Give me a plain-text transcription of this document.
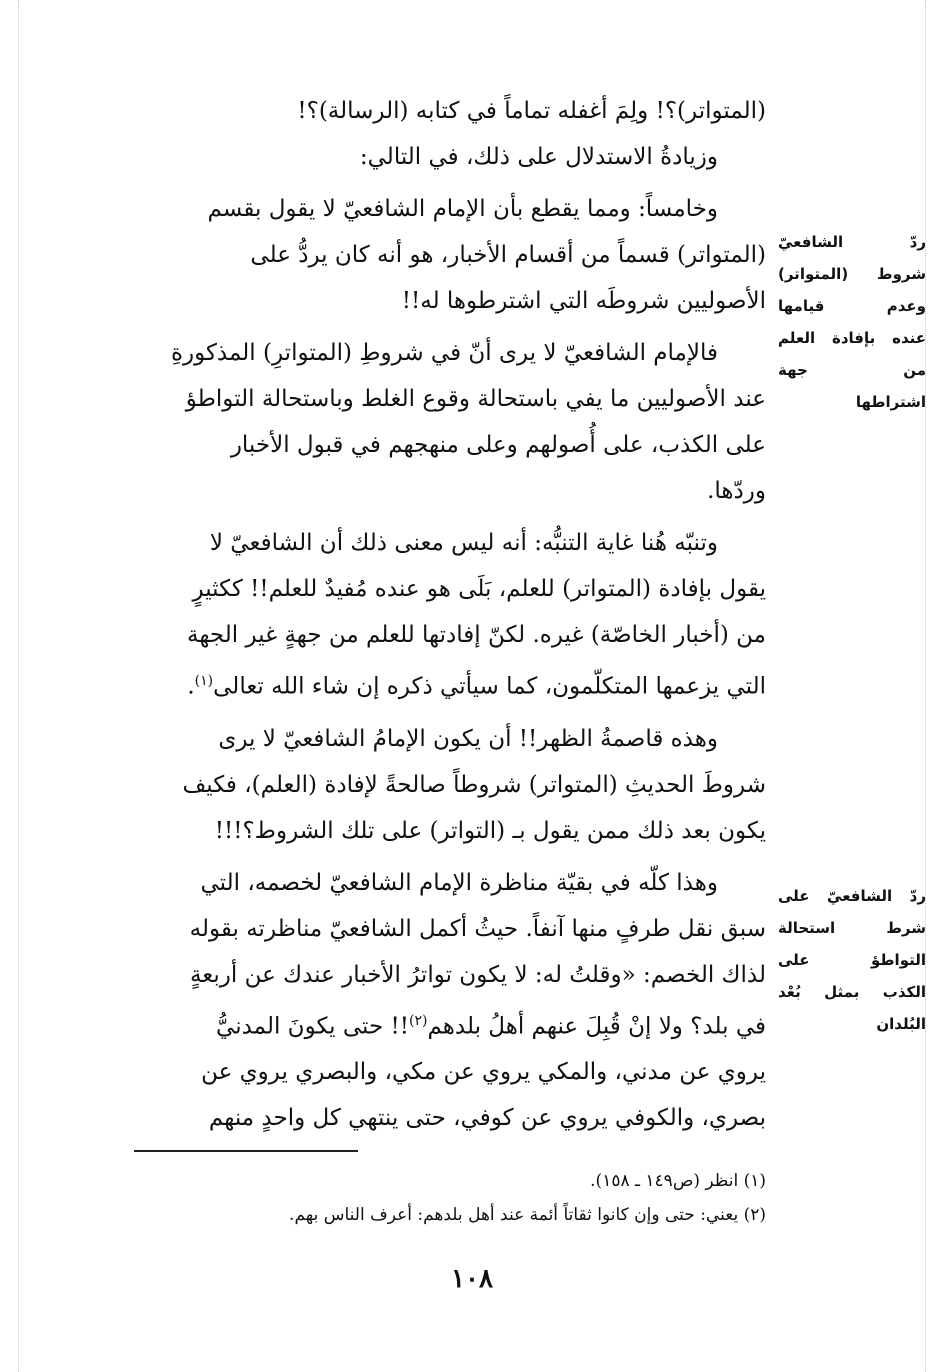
(المتواتر)؟! ولِمَ أغفله تماماً في كتابه (الرسالة)؟!

وزيادةُ الاستدلال على ذلك، في التالي:

وخامساً: ومما يقطع بأن الإمام الشافعيّ لا يقول بقسم

(المتواتر) قسماً من أقسام الأخبار، هو أنه كان يردُّ على

الأصوليين شروطَه التي اشترطوها له!!

فالإمام الشافعيّ لا يرى أنّ في شروطِ (المتواترِ) المذكورةِ

عند الأصوليين ما يفي باستحالة وقوع الغلط وباستحالة التواطؤ

على الكذب، على أُصولهم وعلى منهجهم في قبول الأخبار

وردّها.

وتنبّه هُنا غاية التنبُّه: أنه ليس معنى ذلك أن الشافعيّ لا

يقول بإفادة (المتواتر) للعلم، بَلَى هو عنده مُفيدٌ للعلم!! ككثيرٍ

من (أخبار الخاصّة) غيره. لكنّ إفادتها للعلم من جهةٍ غير الجهة

التي يزعمها المتكلّمون، كما سيأتي ذكره إن شاء الله تعالى$^{(١)}$.

وهذه قاصمةُ الظهر!! أن يكون الإمامُ الشافعيّ لا يرى

شروطَ الحديثِ (المتواتر) شروطاً صالحةً لإفادة (العلم)، فكيف

يكون بعد ذلك ممن يقول بـ (التواتر) على تلك الشروط؟!!!

وهذا كلّه في بقيّة مناظرة الإمام الشافعيّ لخصمه، التي

سبق نقل طرفٍ منها آنفاً. حيثُ أكمل الشافعيّ مناظرته بقوله

لذاك الخصم: «وقلتُ له: لا يكون تواترُ الأخبار عندك عن أربعةٍ

في بلد؟ ولا إنْ قُبِلَ عنهم أهلُ بلدهم$^{(٢)}$!! حتى يكونَ المدنيُّ

يروي عن مدني، والمكي يروي عن مكي، والبصري يروي عن

بصري، والكوفي يروي عن كوفي، حتى ينتهي كل واحدٍ منهم

ردّ الشافعيّ
شروط (المتواتر)
وعدم قيامها
عنده بإفادة العلم
من جهة
اشتراطها
ردّ الشافعيّ على
شرط استحالة
التواطؤ على
الكذب بمثل بُعْد
البُلدان

(١) انظر (ص١٤٩ ـ ١٥٨).

(٢) يعني: حتى وإن كانوا ثقاتاً أئمة عند أهل بلدهم: أعرف الناس بهم.

١٠٨
